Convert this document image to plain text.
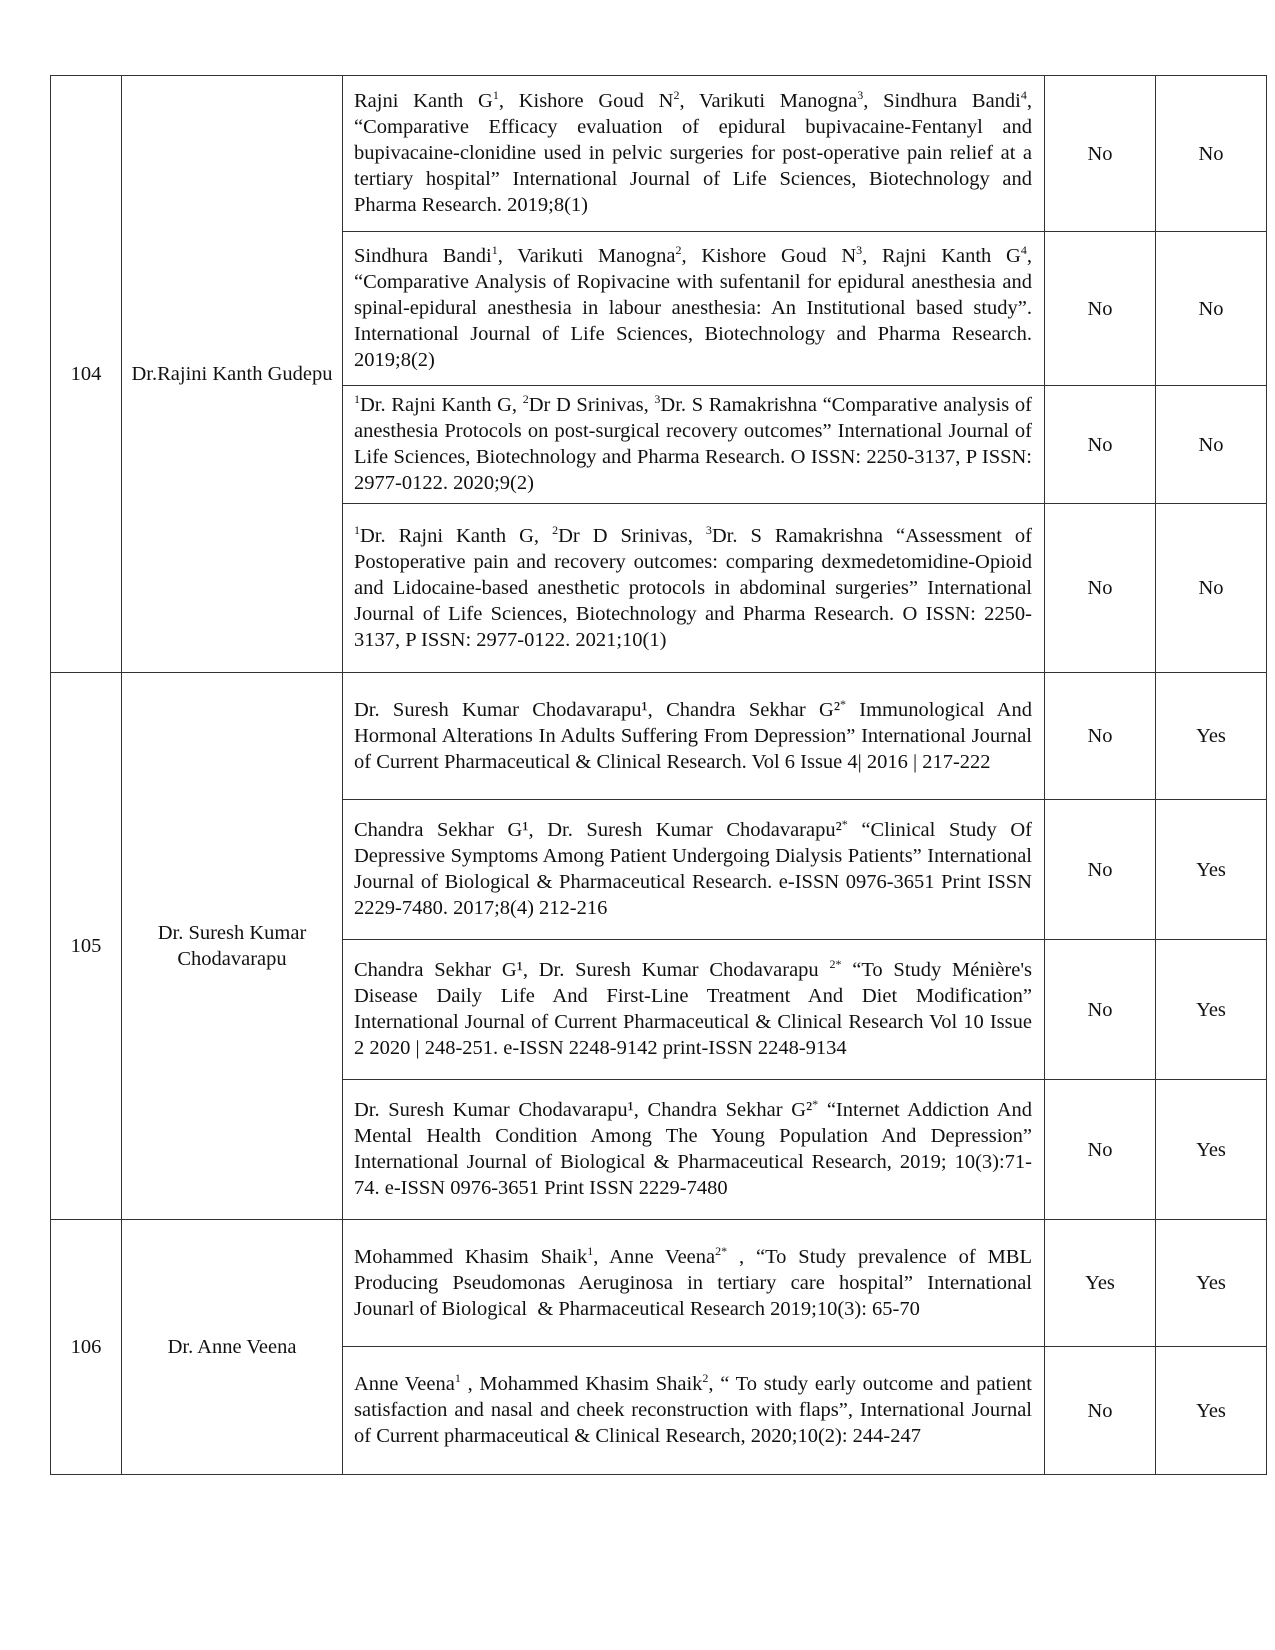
104	Dr.Rajini Kanth Gudepu	Rajni Kanth $G^1$, Kishore Goud $N^2$, Varikuti Manogna$^3$, Sindhura Bandi$^4$, “Comparative Efficacy evaluation of epidural bupivacaine-Fentanyl and bupivacaine-clonidine used in pelvic surgeries for post-operative pain relief at a tertiary hospital” International Journal of Life Sciences, Biotechnology and Pharma Research. 2019;8(1)	No	No
		Sindhura Bandi$^1$, Varikuti Manogna$^2$, Kishore Goud $N^3$, Rajni Kanth $G^4$, “Comparative Analysis of Ropivacine with sufentanil for epidural anesthesia and spinal-epidural anesthesia in labour anesthesia: An Institutional based study”. International Journal of Life Sciences, Biotechnology and Pharma Research. 2019;8(2)	No	No
		$^1$Dr. Rajni Kanth G, $^2$Dr D Srinivas, $^3$Dr. S Ramakrishna “Comparative analysis of anesthesia Protocols on post-surgical recovery outcomes” International Journal of Life Sciences, Biotechnology and Pharma Research. O ISSN: 2250-3137, P ISSN: 2977-0122. 2020;9(2)	No	No
		$^1$Dr. Rajni Kanth G, $^2$Dr D Srinivas, $^3$Dr. S Ramakrishna “Assessment of Postoperative pain and recovery outcomes: comparing dexmedetomidine-Opioid and Lidocaine-based anesthetic protocols in abdominal surgeries” International Journal of Life Sciences, Biotechnology and Pharma Research. O ISSN: 2250-3137, P ISSN: 2977-0122. 2021;10(1)	No	No
105	Dr. Suresh Kumar Chodavarapu	Dr. Suresh Kumar Chodavarapu¹, Chandra Sekhar G²* Immunological And Hormonal Alterations In Adults Suffering From Depression” International Journal of Current Pharmaceutical & Clinical Research. Vol 6 Issue 4| 2016 | 217-222	No	Yes
		Chandra Sekhar G¹, Dr. Suresh Kumar Chodavarapu²* “Clinical Study Of Depressive Symptoms Among Patient Undergoing Dialysis Patients” International Journal of Biological & Pharmaceutical Research. e-ISSN 0976-3651 Print ISSN 2229-7480. 2017;8(4) 212-216	No	Yes
		Chandra Sekhar G¹, Dr. Suresh Kumar Chodavarapu $^{2*}$ “To Study Ménière's Disease Daily Life And First-Line Treatment And Diet Modification” International Journal of Current Pharmaceutical & Clinical Research Vol 10 Issue 2 2020 | 248-251. e-ISSN 2248-9142 print-ISSN 2248-9134	No	Yes
		Dr. Suresh Kumar Chodavarapu¹, Chandra Sekhar G²* “Internet Addiction And Mental Health Condition Among The Young Population And Depression” International Journal of Biological & Pharmaceutical Research, 2019; 10(3):71-74. e-ISSN 0976-3651 Print ISSN 2229-7480	No	Yes
106	Dr. Anne Veena	Mohammed Khasim Shaik$^1$, Anne Veena$^{2*}$ , “To Study prevalence of MBL Producing Pseudomonas Aeruginosa in tertiary care hospital” International Jounarl of Biological  & Pharmaceutical Research 2019;10(3): 65-70	Yes	Yes
		Anne Veena$^1$ , Mohammed Khasim Shaik$^2$, “ To study early outcome and patient satisfaction and nasal and cheek reconstruction with flaps”, International Journal of Current pharmaceutical & Clinical Research, 2020;10(2): 244-247	No	Yes
